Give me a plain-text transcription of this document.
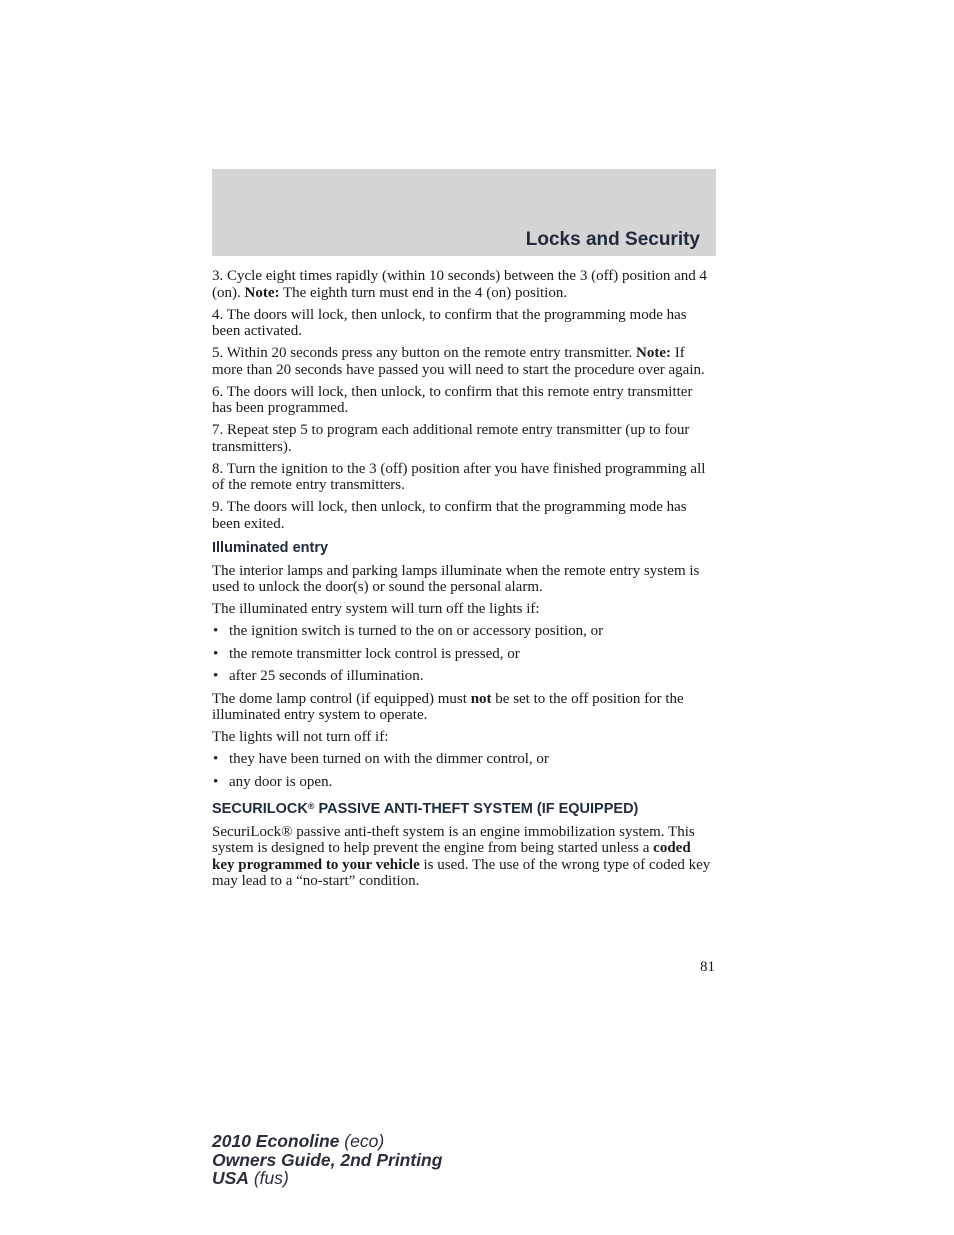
Locks and Security

3. Cycle eight times rapidly (within 10 seconds) between the 3 (off) position and 4 (on). Note: The eighth turn must end in the 4 (on) position.

4. The doors will lock, then unlock, to confirm that the programming mode has been activated.

5. Within 20 seconds press any button on the remote entry transmitter. Note: If more than 20 seconds have passed you will need to start the procedure over again.

6. The doors will lock, then unlock, to confirm that this remote entry transmitter has been programmed.

7. Repeat step 5 to program each additional remote entry transmitter (up to four transmitters).

8. Turn the ignition to the 3 (off) position after you have finished programming all of the remote entry transmitters.

9. The doors will lock, then unlock, to confirm that the programming mode has been exited.

Illuminated entry

The interior lamps and parking lamps illuminate when the remote entry system is used to unlock the door(s) or sound the personal alarm.

The illuminated entry system will turn off the lights if:

• the ignition switch is turned to the on or accessory position, or
• the remote transmitter lock control is pressed, or
• after 25 seconds of illumination.

The dome lamp control (if equipped) must not be set to the off position for the illuminated entry system to operate.

The lights will not turn off if:

• they have been turned on with the dimmer control, or
• any door is open.
SECURILOCK® PASSIVE ANTI-THEFT SYSTEM (IF EQUIPPED)

SecuriLock® passive anti-theft system is an engine immobilization system. This system is designed to help prevent the engine from being started unless a coded key programmed to your vehicle is used. The use of the wrong type of coded key may lead to a “no-start” condition.

81
2010 Econoline (eco)
Owners Guide, 2nd Printing
USA (fus)
